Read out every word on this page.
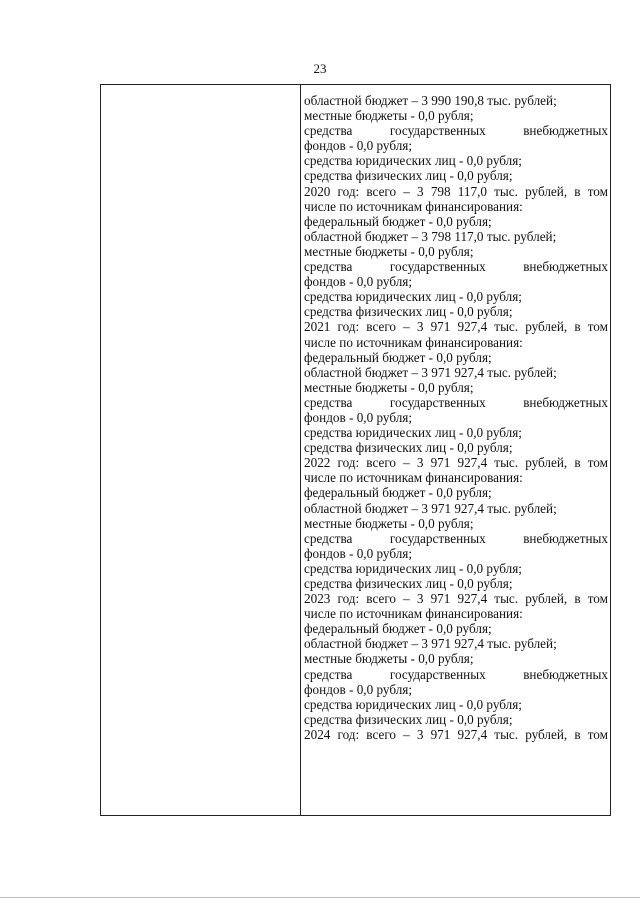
23

областной бюджет – 3 990 190,8 тыс. рублей;
местные бюджеты - 0,0 рубля;
средства государственных внебюджетных
фондов - 0,0 рубля;
средства юридических лиц - 0,0 рубля;
средства физических лиц - 0,0 рубля;
2020 год: всего – 3 798 117,0 тыс. рублей, в том
числе по источникам финансирования:
федеральный бюджет - 0,0 рубля;
областной бюджет – 3 798 117,0 тыс. рублей;
местные бюджеты - 0,0 рубля;
средства государственных внебюджетных
фондов - 0,0 рубля;
средства юридических лиц - 0,0 рубля;
средства физических лиц - 0,0 рубля;
2021 год: всего – 3 971 927,4 тыс. рублей, в том
числе по источникам финансирования:
федеральный бюджет - 0,0 рубля;
областной бюджет – 3 971 927,4 тыс. рублей;
местные бюджеты - 0,0 рубля;
средства государственных внебюджетных
фондов - 0,0 рубля;
средства юридических лиц - 0,0 рубля;
средства физических лиц - 0,0 рубля;
2022 год: всего – 3 971 927,4 тыс. рублей, в том
числе по источникам финансирования:
федеральный бюджет - 0,0 рубля;
областной бюджет – 3 971 927,4 тыс. рублей;
местные бюджеты - 0,0 рубля;
средства государственных внебюджетных
фондов - 0,0 рубля;
средства юридических лиц - 0,0 рубля;
средства физических лиц - 0,0 рубля;
2023 год: всего – 3 971 927,4 тыс. рублей, в том
числе по источникам финансирования:
федеральный бюджет - 0,0 рубля;
областной бюджет – 3 971 927,4 тыс. рублей;
местные бюджеты - 0,0 рубля;
средства государственных внебюджетных
фондов - 0,0 рубля;
средства юридических лиц - 0,0 рубля;
средства физических лиц - 0,0 рубля;
2024 год: всего – 3 971 927,4 тыс. рублей, в том
